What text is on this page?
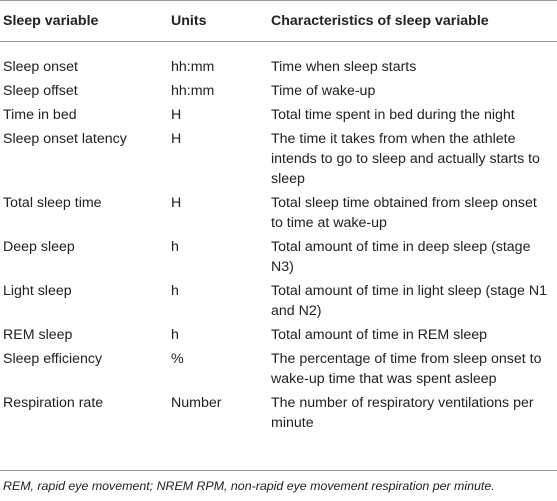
Sleep variable	Units	Characteristics of sleep variable
Sleep onset	hh:mm	Time when sleep starts
Sleep offset	hh:mm	Time of wake-up
Time in bed	H	Total time spent in bed during the night
Sleep onset latency	H	The time it takes from when the athlete intends to go to sleep and actually starts to sleep
Total sleep time	H	Total sleep time obtained from sleep onset to time at wake-up
Deep sleep	h	Total amount of time in deep sleep (stage N3)
Light sleep	h	Total amount of time in light sleep (stage N1 and N2)
REM sleep	h	Total amount of time in REM sleep
Sleep efficiency	%	The percentage of time from sleep onset to wake-up time that was spent asleep
Respiration rate	Number	The number of respiratory ventilations per minute
REM, rapid eye movement; NREM RPM, non-rapid eye movement respiration per minute.
